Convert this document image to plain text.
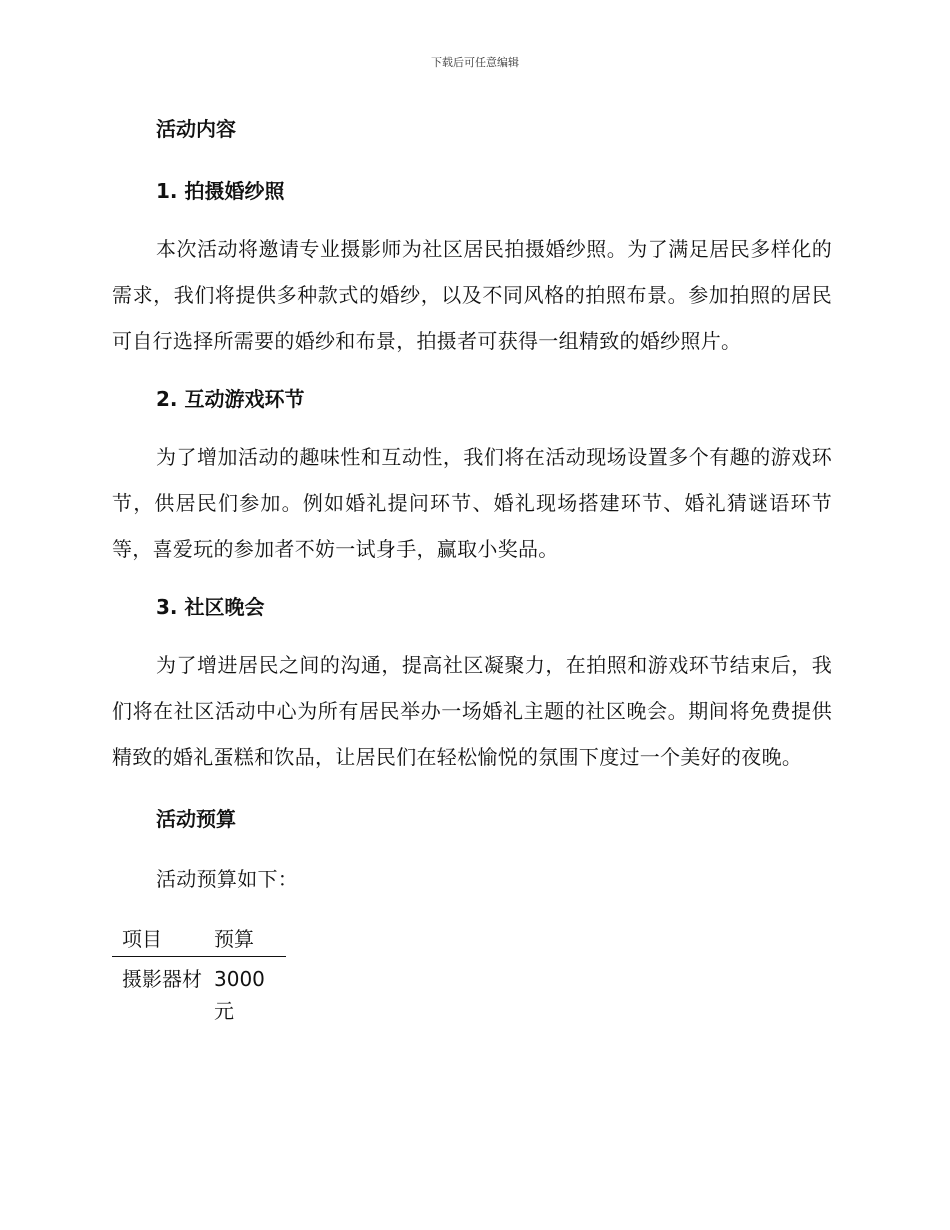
下载后可任意编辑

活动内容

1. 拍摄婚纱照

本次活动将邀请专业摄影师为社区居民拍摄婚纱照。为了满足居民多样化的需求，我们将提供多种款式的婚纱，以及不同风格的拍照布景。参加拍照的居民可自行选择所需要的婚纱和布景，拍摄者可获得一组精致的婚纱照片。

2. 互动游戏环节

为了增加活动的趣味性和互动性，我们将在活动现场设置多个有趣的游戏环节，供居民们参加。例如婚礼提问环节、婚礼现场搭建环节、婚礼猜谜语环节等，喜爱玩的参加者不妨一试身手，赢取小奖品。

3. 社区晚会

为了增进居民之间的沟通，提高社区凝聚力，在拍照和游戏环节结束后，我们将在社区活动中心为所有居民举办一场婚礼主题的社区晚会。期间将免费提供精致的婚礼蛋糕和饮品，让居民们在轻松愉悦的氛围下度过一个美好的夜晚。

活动预算

活动预算如下：

项目	预算
摄影器材	3000元
